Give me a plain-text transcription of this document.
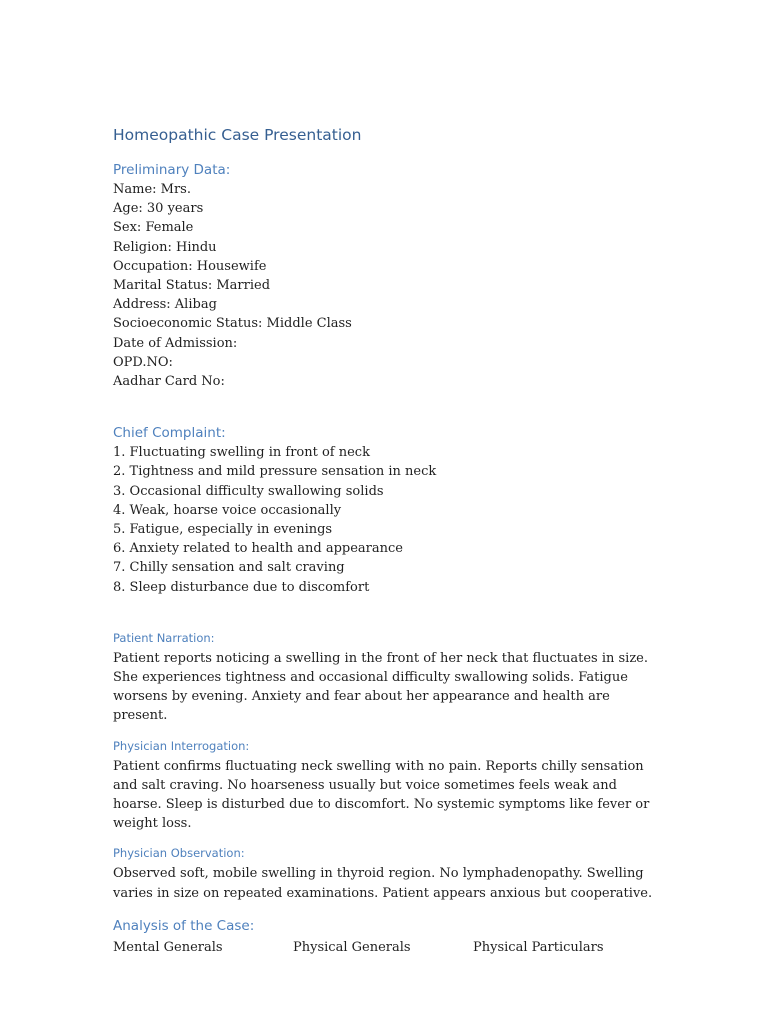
Homeopathic Case Presentation

Preliminary Data:

Name: Mrs.

Age: 30 years

Sex: Female

Religion: Hindu

Occupation: Housewife

Marital Status: Married

Address: Alibag

Socioeconomic Status: Middle Class

Date of Admission:

OPD.NO:

Aadhar Card No:

Chief Complaint:

1. Fluctuating swelling in front of neck

2. Tightness and mild pressure sensation in neck

3. Occasional difficulty swallowing solids

4. Weak, hoarse voice occasionally

5. Fatigue, especially in evenings

6. Anxiety related to health and appearance

7. Chilly sensation and salt craving

8. Sleep disturbance due to discomfort

Patient Narration:

Patient reports noticing a swelling in the front of her neck that fluctuates in size. She experiences tightness and occasional difficulty swallowing solids. Fatigue worsens by evening. Anxiety and fear about her appearance and health are present.

Physician Interrogation:

Patient confirms fluctuating neck swelling with no pain. Reports chilly sensation and salt craving. No hoarseness usually but voice sometimes feels weak and hoarse. Sleep is disturbed due to discomfort. No systemic symptoms like fever or weight loss.

Physician Observation:

Observed soft, mobile swelling in thyroid region. No lymphadenopathy. Swelling varies in size on repeated examinations. Patient appears anxious but cooperative.

Analysis of the Case:

Mental Generals	Physical Generals	Physical Particulars
